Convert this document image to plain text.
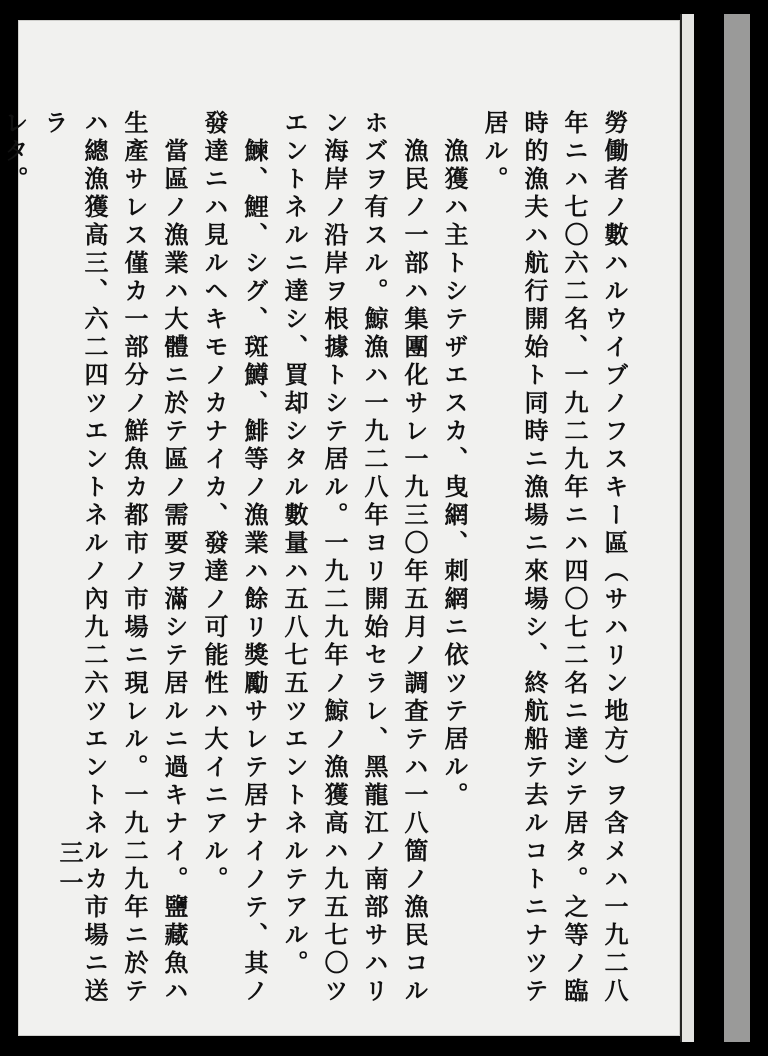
勞働者ノ數ハルウイブノフスキー區（サハリン地方）ヲ含メハ一九二八
年ニハ七〇六二名、一九二九年ニハ四〇七二名ニ達シテ居タ。之等ノ臨
時的漁夫ハ航行開始ト同時ニ漁場ニ來場シ、終航船テ去ルコトニナツテ
居ル。
　漁獲ハ主トシテザエスカ、曳網、刺網ニ依ツテ居ル。
　漁民ノ一部ハ集團化サレ一九三〇年五月ノ調査テハ一八箇ノ漁民コル
ホズヲ有スル。鯨漁ハ一九二八年ヨリ開始セラレ、黑龍江ノ南部サハリ
ン海岸ノ沿岸ヲ根據トシテ居ル。一九二九年ノ鯨ノ漁獲高ハ九五七〇ツ
エントネルニ達シ、買却シタル數量ハ五八七五ツエントネルテアル。
　鰊、鯉、シグ、斑鱒、鯡等ノ漁業ハ餘リ獎勵サレテ居ナイノテ、其ノ
發達ニハ見ルヘキモノカナイカ、發達ノ可能性ハ大イニアル。
　當區ノ漁業ハ大體ニ於テ區ノ需要ヲ滿シテ居ルニ過キナイ。鹽藏魚ハ
生產サレス僅カ一部分ノ鮮魚カ都市ノ市場ニ現レル。一九二九年ニ於テ
ハ總漁獲高三、六二四ツエントネルノ內九二六ツエントネルカ市場ニ送ラ
レタ。
三一
